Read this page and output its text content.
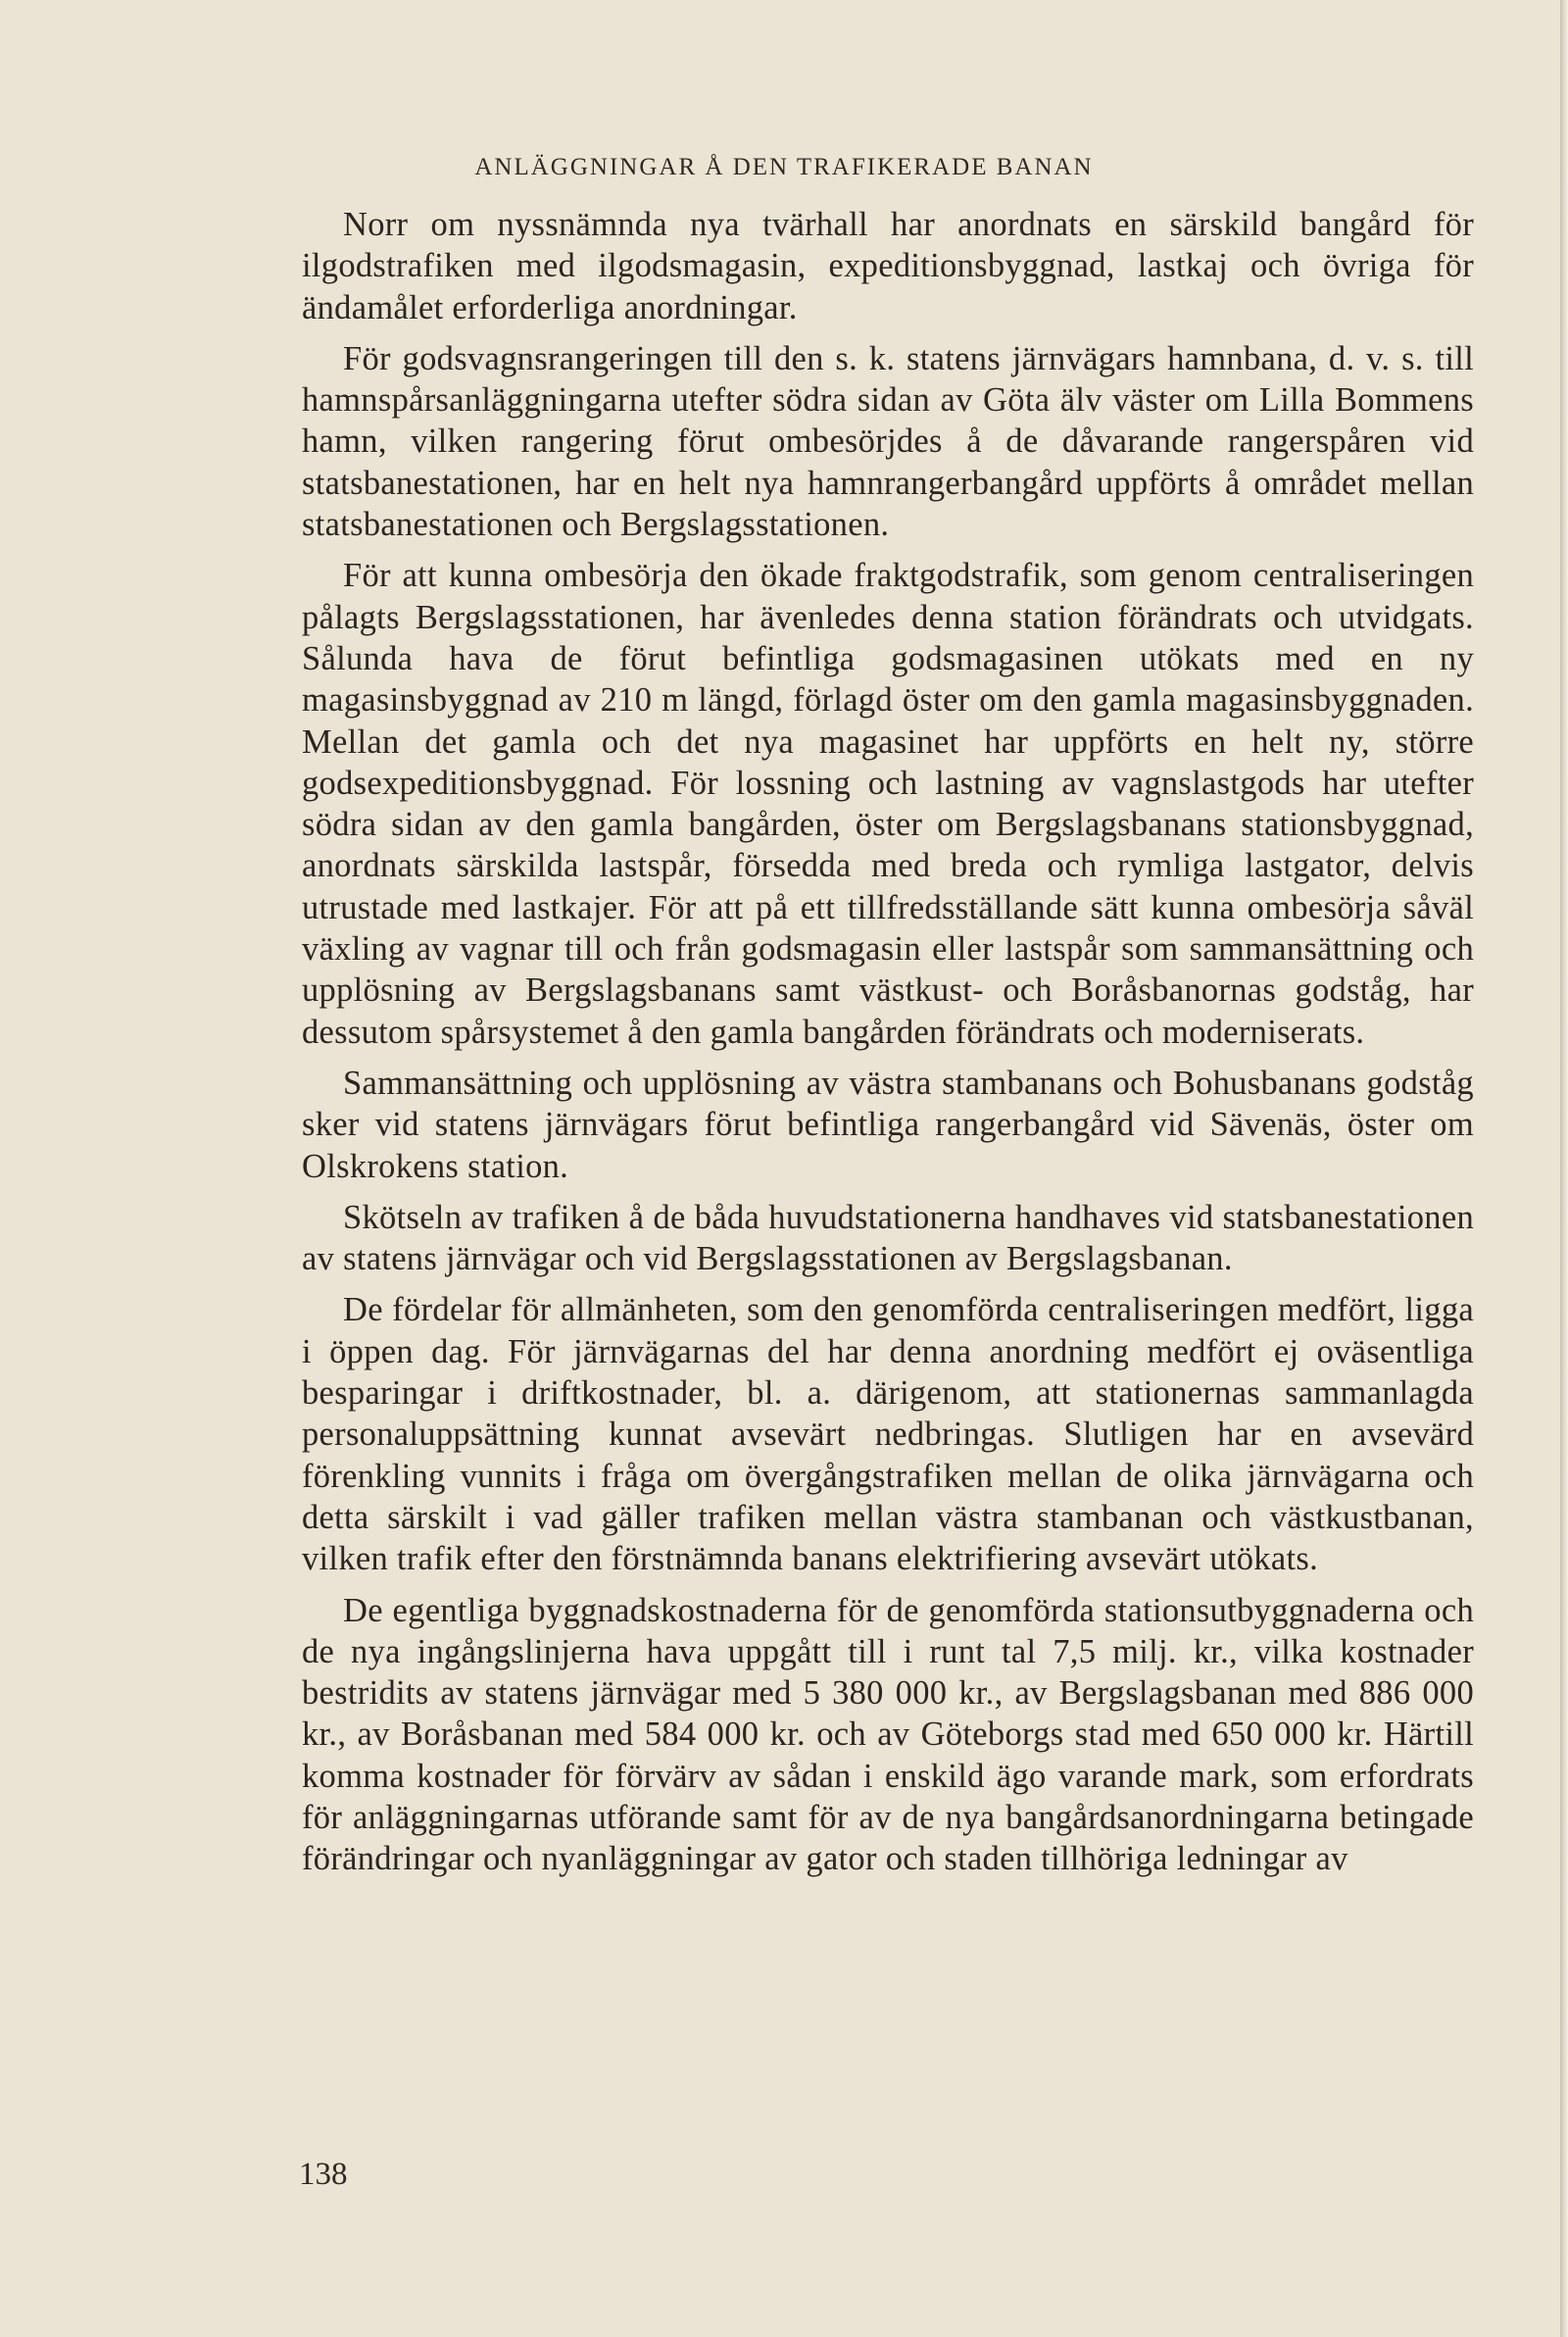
ANLÄGGNINGAR Å DEN TRAFIKERADE BANAN

Norr om nyssnämnda nya tvärhall har anordnats en särskild bangård för ilgodstrafiken med ilgodsmagasin, expeditionsbyggnad, lastkaj och övriga för ändamålet erforderliga anordningar.

För godsvagnsrangeringen till den s. k. statens järnvägars hamnbana, d. v. s. till hamnspårsanläggningarna utefter södra sidan av Göta älv väster om Lilla Bommens hamn, vilken rangering förut ombesörjdes å de dåvarande rangerspåren vid statsbanestationen, har en helt nya hamnrangerbangård uppförts å området mellan statsbanestationen och Bergslagsstationen.

För att kunna ombesörja den ökade fraktgodstrafik, som genom centraliseringen pålagts Bergslagsstationen, har ävenledes denna station förändrats och utvidgats. Sålunda hava de förut befintliga godsmagasinen utökats med en ny magasinsbyggnad av 210 m längd, förlagd öster om den gamla magasinsbyggnaden. Mellan det gamla och det nya magasinet har uppförts en helt ny, större godsexpeditionsbyggnad. För lossning och lastning av vagnslastgods har utefter södra sidan av den gamla bangården, öster om Bergslagsbanans stationsbyggnad, anordnats särskilda lastspår, försedda med breda och rymliga lastgator, delvis utrustade med lastkajer. För att på ett tillfredsställande sätt kunna ombesörja såväl växling av vagnar till och från godsmagasin eller lastspår som sammansättning och upplösning av Bergslagsbanans samt västkust- och Boråsbanornas godståg, har dessutom spårsystemet å den gamla bangården förändrats och moderniserats.

Sammansättning och upplösning av västra stambanans och Bohusbanans godståg sker vid statens järnvägars förut befintliga rangerbangård vid Sävenäs, öster om Olskrokens station.

Skötseln av trafiken å de båda huvudstationerna handhaves vid statsbanestationen av statens järnvägar och vid Bergslagsstationen av Bergslagsbanan.

De fördelar för allmänheten, som den genomförda centraliseringen medfört, ligga i öppen dag. För järnvägarnas del har denna anordning medfört ej oväsentliga besparingar i driftkostnader, bl. a. därigenom, att stationernas sammanlagda personaluppsättning kunnat avsevärt nedbringas. Slutligen har en avsevärd förenkling vunnits i fråga om övergångstrafiken mellan de olika järnvägarna och detta särskilt i vad gäller trafiken mellan västra stambanan och västkustbanan, vilken trafik efter den förstnämnda banans elektrifiering avsevärt utökats.

De egentliga byggnadskostnaderna för de genomförda stationsutbyggnaderna och de nya ingångslinjerna hava uppgått till i runt tal 7,5 milj. kr., vilka kostnader bestridits av statens järnvägar med 5 380 000 kr., av Bergslagsbanan med 886 000 kr., av Boråsbanan med 584 000 kr. och av Göteborgs stad med 650 000 kr. Härtill komma kostnader för förvärv av sådan i enskild ägo varande mark, som erfordrats för anläggningarnas utförande samt för av de nya bangårdsanordningarna betingade förändringar och nyanläggningar av gator och staden tillhöriga ledningar av

138
